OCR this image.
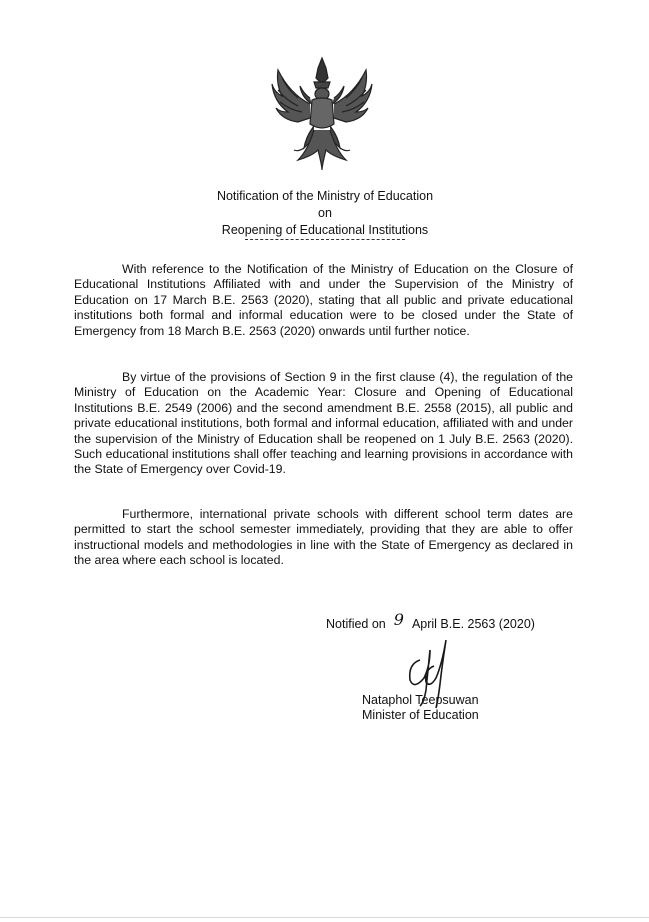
Notification of the Ministry of Education
on
Reopening of Educational Institutions

With reference to the Notification of the Ministry of Education on the Closure of Educational Institutions Affiliated with and under the Supervision of the Ministry of Education on 17 March B.E. 2563 (2020), stating that all public and private educational institutions both formal and informal education were to be closed under the State of Emergency from 18 March B.E. 2563 (2020) onwards until further notice.

By virtue of the provisions of Section 9 in the first clause (4), the regulation of the Ministry of Education on the Academic Year: Closure and Opening of Educational Institutions B.E. 2549 (2006) and the second amendment B.E. 2558 (2015), all public and private educational institutions, both formal and informal education, affiliated with and under the supervision of the Ministry of Education shall be reopened on 1 July B.E. 2563 (2020). Such educational institutions shall offer teaching and learning provisions in accordance with the State of Emergency over Covid-19.

Furthermore, international private schools with different school term dates are permitted to start the school semester immediately, providing that they are able to offer instructional models and methodologies in line with the State of Emergency as declared in the area where each school is located.

Notified on 9 April B.E. 2563 (2020)
Nataphol Teepsuwan
Minister of Education
